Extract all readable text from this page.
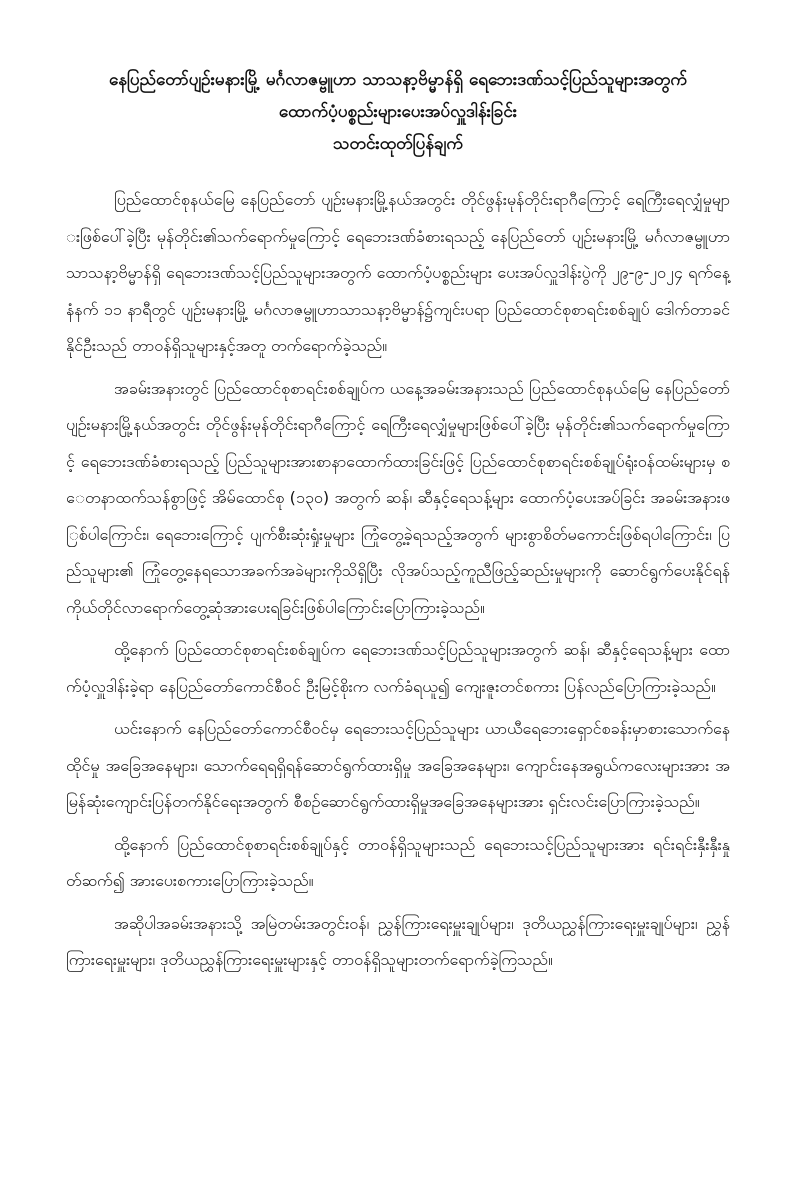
နေပြည်တော်ပျဉ်းမနားမြို့ မင်္ဂလာဇမ္ဗူဟာ သာသနာ့ဗိမ္မာန်ရှိ ရေဘေးဒဏ်သင့်ပြည်သူများအတွက်
ထောက်ပံ့ပစ္စည်းများပေးအပ်လှူဒါန်းခြင်း
သတင်းထုတ်ပြန်ချက်

ပြည်ထောင်စုနယ်မြေ နေပြည်တော် ပျဉ်းမနားမြို့နယ်အတွင်း တိုင်ဖွန်းမုန်တိုင်းရာဂီကြောင့် ရေကြီးရေလျှံမှုများဖြစ်ပေါ်ခဲ့ပြီး မုန်တိုင်း၏သက်ရောက်မှုကြောင့် ရေဘေးဒဏ်ခံစားရသည့် နေပြည်တော် ပျဉ်းမနားမြို့ မင်္ဂလာဇမ္ဗူဟာသာသနာ့ဗိမ္မာန်ရှိ ရေဘေးဒဏ်သင့်ပြည်သူများအတွက် ထောက်ပံ့ပစ္စည်းများ ပေးအပ်လှူဒါန်းပွဲကို ၂၉-၉-၂၀၂၄ ရက်နေ့ နံနက် ၁၁ နာရီတွင် ပျဉ်းမနားမြို့ မင်္ဂလာဇမ္ဗူဟာသာသနာ့ဗိမ္မာန်၌ကျင်းပရာ ပြည်ထောင်စုစာရင်းစစ်ချုပ် ဒေါက်တာခင်နိုင်ဦးသည် တာဝန်ရှိသူများနှင့်အတူ တက်ရောက်ခဲ့သည်။

အခမ်းအနားတွင် ပြည်ထောင်စုစာရင်းစစ်ချုပ်က ယနေ့အခမ်းအနားသည် ပြည်ထောင်စုနယ်မြေ နေပြည်တော် ပျဉ်းမနားမြို့နယ်အတွင်း တိုင်ဖွန်းမုန်တိုင်းရာဂီကြောင့် ရေကြီးရေလျှံမှုများဖြစ်ပေါ်ခဲ့ပြီး မုန်တိုင်း၏သက်ရောက်မှုကြောင့် ရေဘေးဒဏ်ခံစားရသည့် ပြည်သူများအားစာနာထောက်ထားခြင်းဖြင့် ပြည်ထောင်စုစာရင်းစစ်ချုပ်ရုံးဝန်ထမ်းများမှ စေတနာထက်သန်စွာဖြင့် အိမ်ထောင်စု (၁၃၀) အတွက် ဆန်၊ ဆီနှင့်ရေသန့်များ ထောက်ပံ့ပေးအပ်ခြင်း အခမ်းအနားဖြစ်ပါကြောင်း၊ ရေဘေးကြောင့် ပျက်စီးဆုံးရှုံးမှုများ ကြုံတွေ့ခဲ့ရသည့်အတွက် များစွာစိတ်မကောင်းဖြစ်ရပါကြောင်း၊ ပြည်သူများ၏ ကြုံတွေ့နေရသောအခက်အခဲများကိုသိရှိပြီး လိုအပ်သည့်ကူညီဖြည့်ဆည်းမှုများကို ဆောင်ရွက်ပေးနိုင်ရန် ကိုယ်တိုင်လာရောက်တွေ့ဆုံအားပေးရခြင်းဖြစ်ပါကြောင်းပြောကြားခဲ့သည်။

ထို့နောက် ပြည်ထောင်စုစာရင်းစစ်ချုပ်က ရေဘေးဒဏ်သင့်ပြည်သူများအတွက် ဆန်၊ ဆီနှင့်ရေသန့်များ ထောက်ပံ့လှူဒါန်းခဲ့ရာ နေပြည်တော်ကောင်စီဝင် ဦးမြင့်စိုးက လက်ခံရယူ၍ ကျေးဇူးတင်စကား ပြန်လည်ပြောကြားခဲ့သည်။

ယင်းနောက် နေပြည်တော်ကောင်စီဝင်မှ ရေဘေးသင့်ပြည်သူများ ယာယီရေဘေးရှောင်စခန်းမှာစားသောက်နေထိုင်မှု အခြေအနေများ၊ သောက်ရေရရှိရန်ဆောင်ရွက်ထားရှိမှု အခြေအနေများ၊ ကျောင်းနေအရွယ်ကလေးများအား အမြန်ဆုံးကျောင်းပြန်တက်နိုင်ရေးအတွက် စီစဉ်ဆောင်ရွက်ထားရှိမှုအခြေအနေများအား ရှင်းလင်းပြောကြားခဲ့သည်။

ထို့နောက် ပြည်ထောင်စုစာရင်းစစ်ချုပ်နှင့် တာဝန်ရှိသူများသည် ရေဘေးသင့်ပြည်သူများအား ရင်းရင်းနှီးနှီးနှုတ်ဆက်၍ အားပေးစကားပြောကြားခဲ့သည်။

အဆိုပါအခမ်းအနားသို့ အမြဲတမ်းအတွင်းဝန်၊ ညွှန်ကြားရေးမှူးချုပ်များ၊ ဒုတိယညွှန်ကြားရေးမှူးချုပ်များ၊ ညွှန်ကြားရေးမှူးများ၊ ဒုတိယညွှန်ကြားရေးမှူးများနှင့် တာဝန်ရှိသူများတက်ရောက်ခဲ့ကြသည်။
